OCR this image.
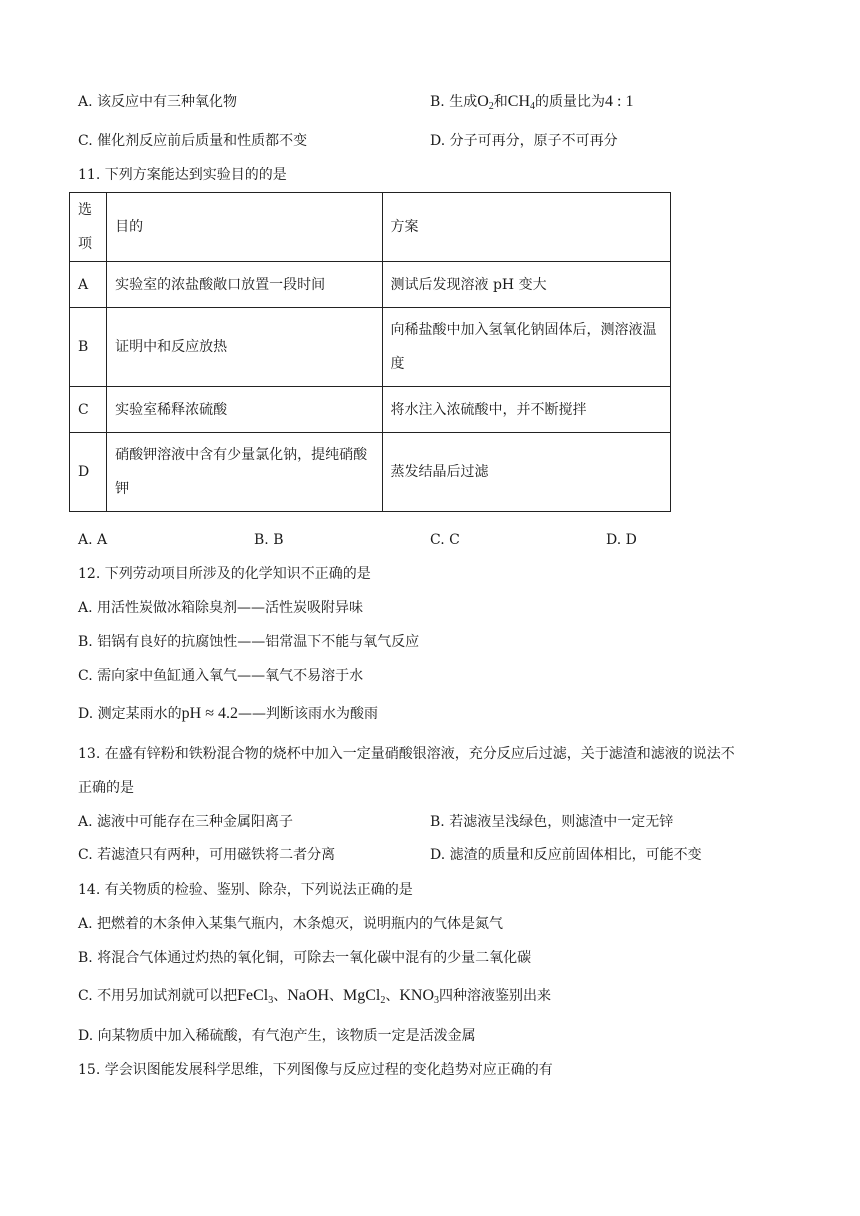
A. 该反应中有三种氧化物	B. 生成$O_2$和$CH_4$的质量比为4 : 1
C. 催化剂反应前后质量和性质都不变	D. 分子可再分，原子不可再分
11. 下列方案能达到实验目的的是
选项	目的	方案
A	实验室的浓盐酸敞口放置一段时间	测试后发现溶液 pH 变大
B	证明中和反应放热	向稀盐酸中加入氢氧化钠固体后，测溶液温度
C	实验室稀释浓硫酸	将水注入浓硫酸中，并不断搅拌
D	硝酸钾溶液中含有少量氯化钠，提纯硝酸钾	蒸发结晶后过滤
A. A	B. B	C. C	D. D
12. 下列劳动项目所涉及的化学知识不正确的是
A. 用活性炭做冰箱除臭剂——活性炭吸附异味
B. 铝锅有良好的抗腐蚀性——铝常温下不能与氧气反应
C. 需向家中鱼缸通入氧气——氧气不易溶于水
D. 测定某雨水的pH ≈ 4.2——判断该雨水为酸雨
13. 在盛有锌粉和铁粉混合物的烧杯中加入一定量硝酸银溶液，充分反应后过滤，关于滤渣和滤液的说法不
正确的是
A. 滤液中可能存在三种金属阳离子	B. 若滤液呈浅绿色，则滤渣中一定无锌
C. 若滤渣只有两种，可用磁铁将二者分离	D. 滤渣的质量和反应前固体相比，可能不变
14. 有关物质的检验、鉴别、除杂，下列说法正确的是
A. 把燃着的木条伸入某集气瓶内，木条熄灭，说明瓶内的气体是氮气
B. 将混合气体通过灼热的氧化铜，可除去一氧化碳中混有的少量二氧化碳
C. 不用另加试剂就可以把FeCl$_3$、NaOH、MgCl$_2$、$KNO_3$四种溶液鉴别出来
D. 向某物质中加入稀硫酸，有气泡产生，该物质一定是活泼金属
15. 学会识图能发展科学思维，下列图像与反应过程的变化趋势对应正确的有
